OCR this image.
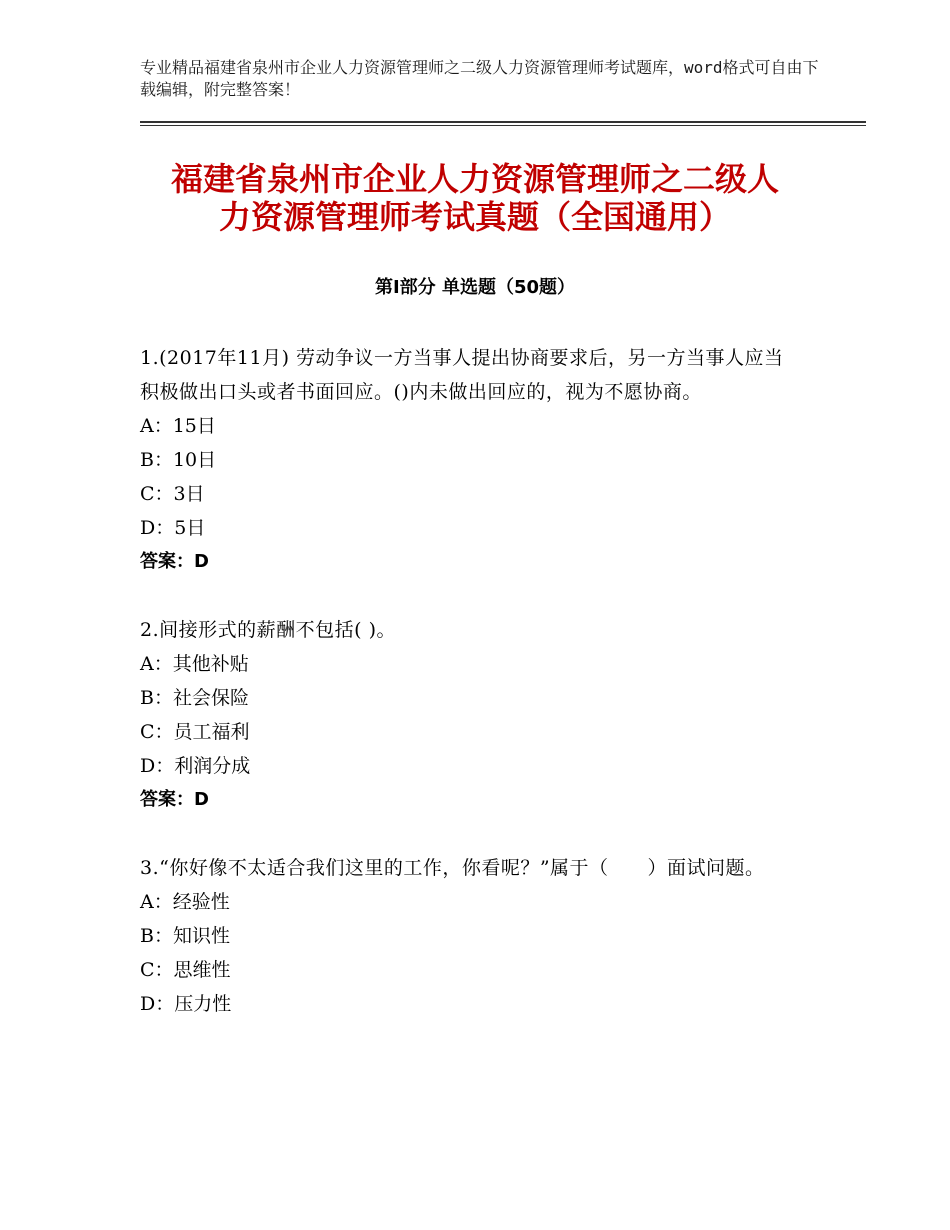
专业精品福建省泉州市企业人力资源管理师之二级人力资源管理师考试题库，word格式可自由下载编辑，附完整答案！
福建省泉州市企业人力资源管理师之二级人
力资源管理师考试真题（全国通用）
第Ⅰ部分 单选题（50题）
1.(2017年11月) 劳动争议一方当事人提出协商要求后，另一方当事人应当积极做出口头或者书面回应。()内未做出回应的，视为不愿协商。
A：15日
B：10日
C：3日
D：5日
答案：D
2.间接形式的薪酬不包括( )。
A：其他补贴
B：社会保险
C：员工福利
D：利润分成
答案：D
3.“你好像不太适合我们这里的工作，你看呢？”属于（　　）面试问题。
A：经验性
B：知识性
C：思维性
D：压力性
